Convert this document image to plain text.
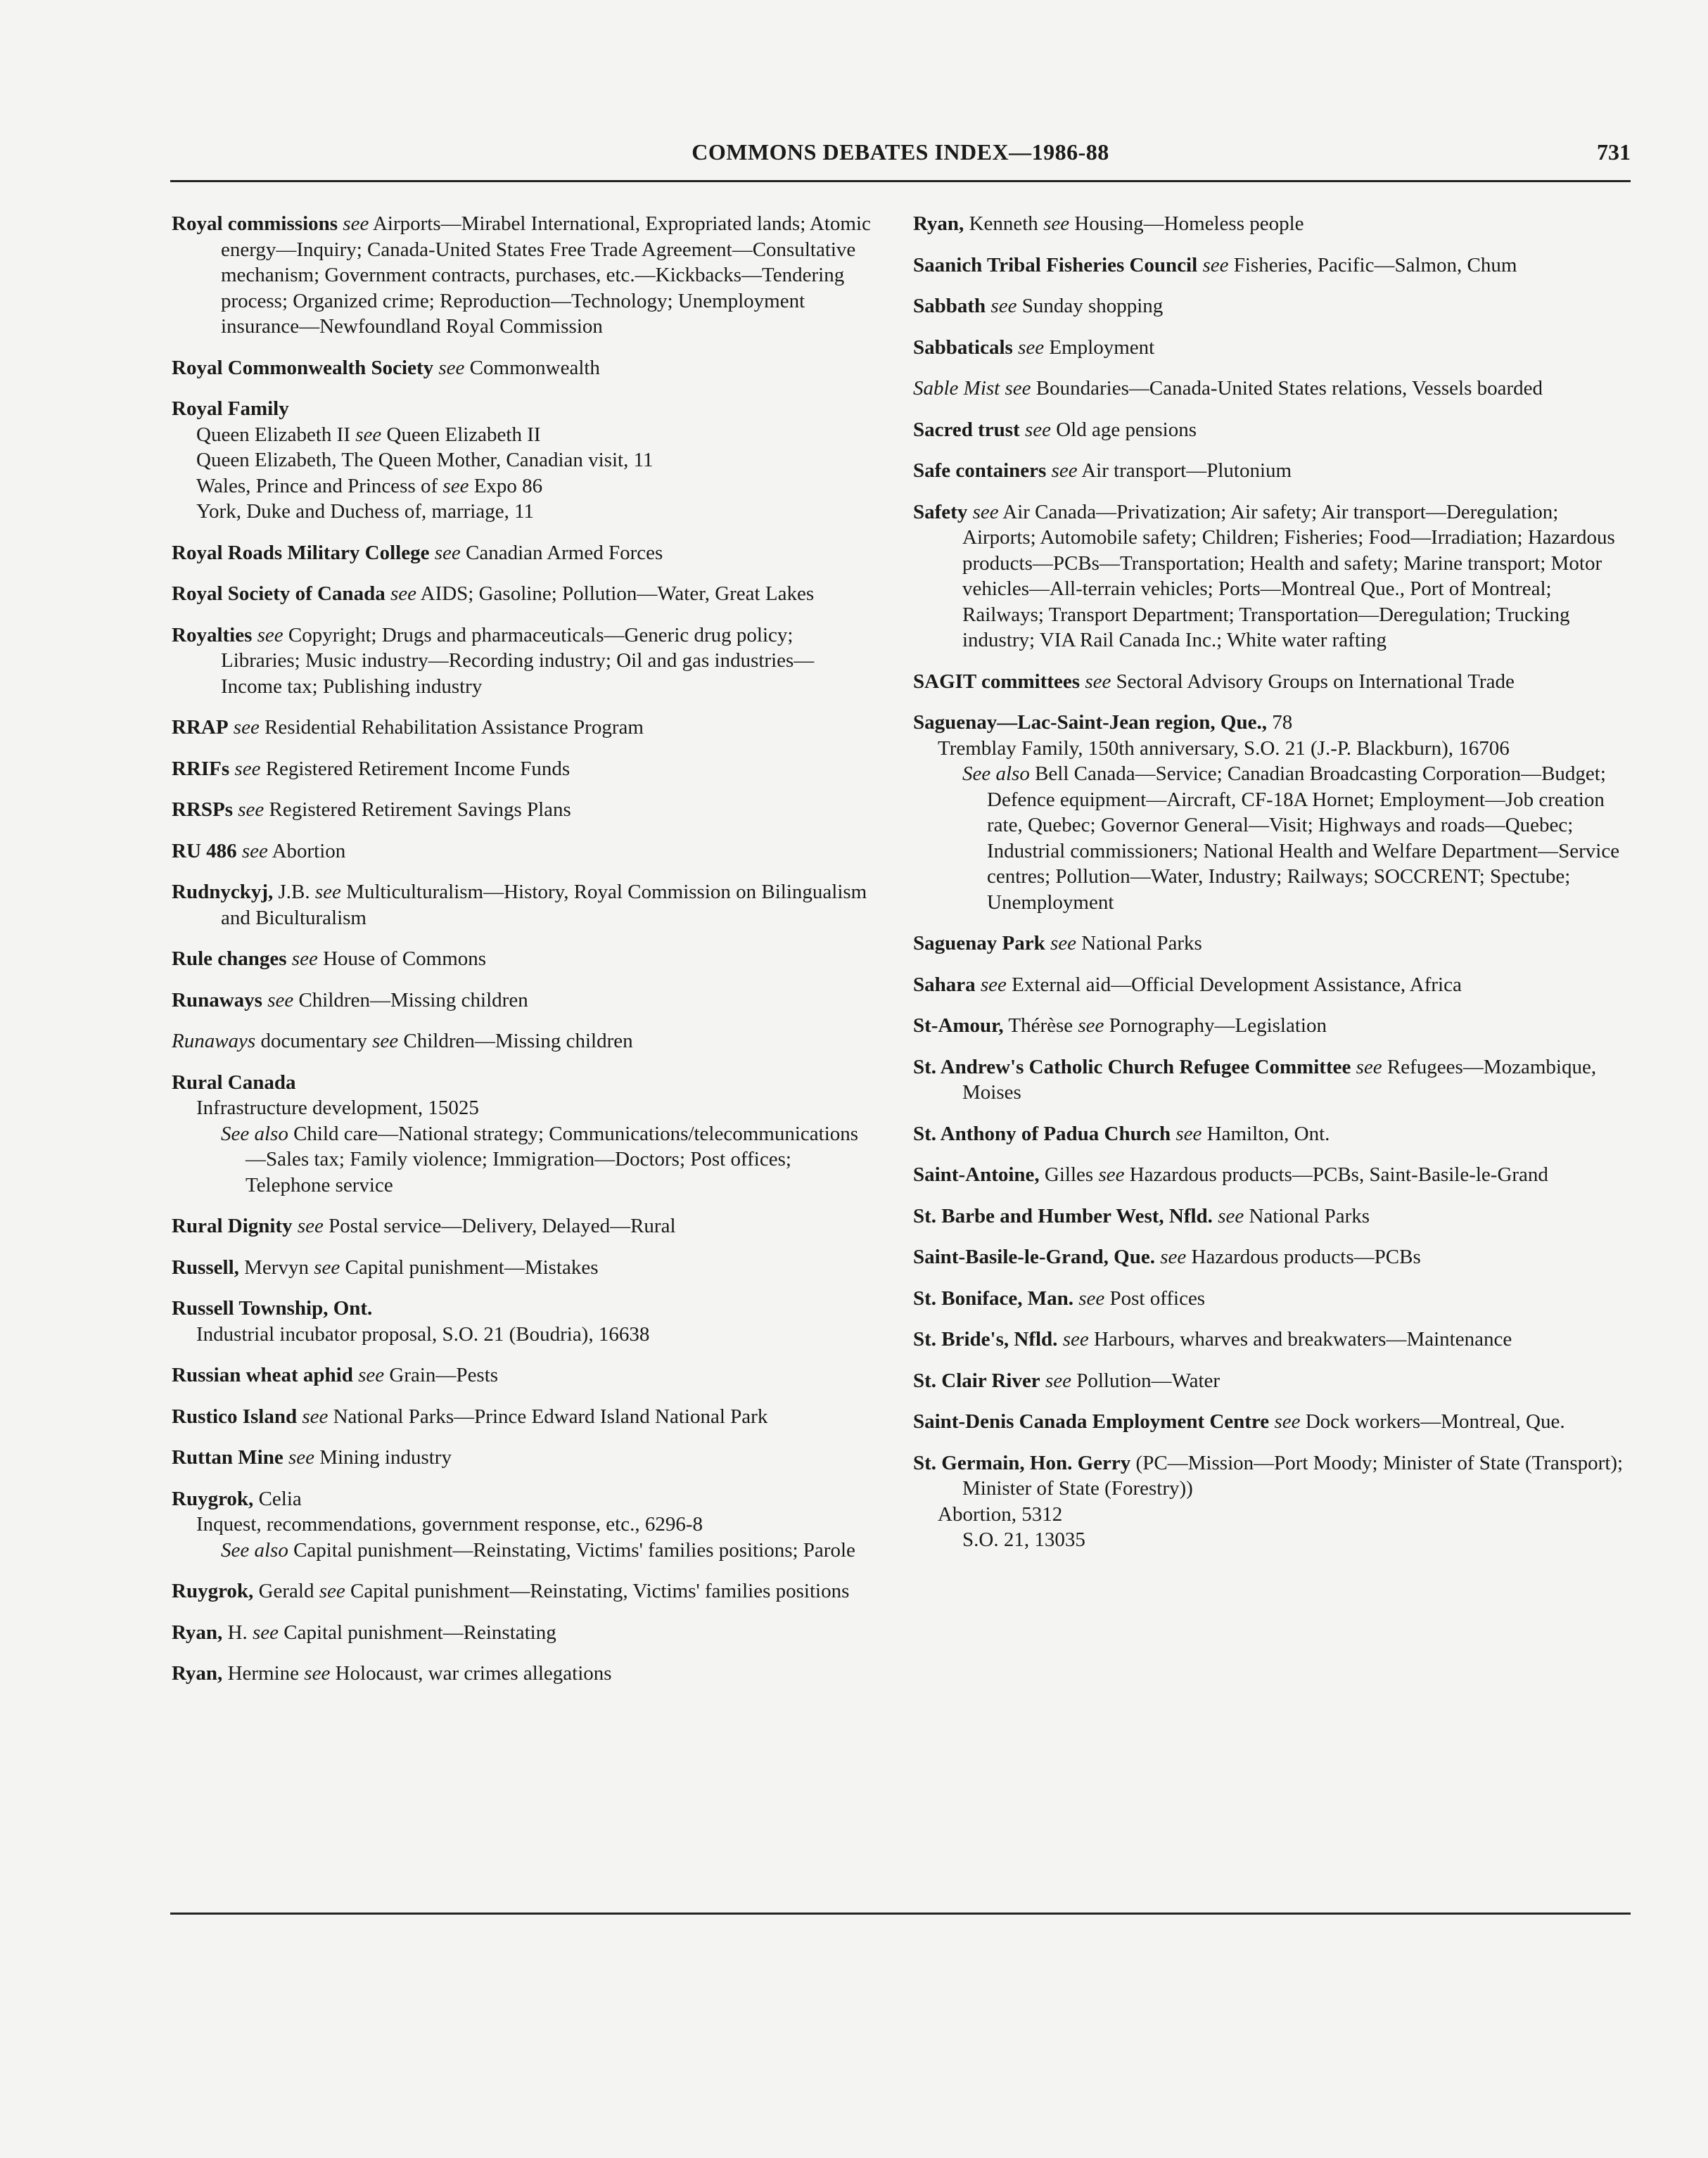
COMMONS DEBATES INDEX—1986-88	731
Royal commissions see Airports—Mirabel International, Expropriated lands; Atomic energy—Inquiry; Canada-United States Free Trade Agreement—Consultative mechanism; Government contracts, purchases, etc.—Kickbacks—Tendering process; Organized crime; Reproduction—Technology; Unemployment insurance—Newfoundland Royal Commission
Royal Commonwealth Society see Commonwealth
Royal Family
Queen Elizabeth II see Queen Elizabeth II
Queen Elizabeth, The Queen Mother, Canadian visit, 11
Wales, Prince and Princess of see Expo 86
York, Duke and Duchess of, marriage, 11
Royal Roads Military College see Canadian Armed Forces
Royal Society of Canada see AIDS; Gasoline; Pollution—Water, Great Lakes
Royalties see Copyright; Drugs and pharmaceuticals—Generic drug policy; Libraries; Music industry—Recording industry; Oil and gas industries—Income tax; Publishing industry
RRAP see Residential Rehabilitation Assistance Program
RRIFs see Registered Retirement Income Funds
RRSPs see Registered Retirement Savings Plans
RU 486 see Abortion
Rudnyckyj, J.B. see Multiculturalism—History, Royal Commission on Bilingualism and Biculturalism
Rule changes see House of Commons
Runaways see Children—Missing children
Runaways documentary see Children—Missing children
Rural Canada
Infrastructure development, 15025
See also Child care—National strategy; Communications/telecommunications—Sales tax; Family violence; Immigration—Doctors; Post offices; Telephone service
Rural Dignity see Postal service—Delivery, Delayed—Rural
Russell, Mervyn see Capital punishment—Mistakes
Russell Township, Ont.
Industrial incubator proposal, S.O. 21 (Boudria), 16638
Russian wheat aphid see Grain—Pests
Rustico Island see National Parks—Prince Edward Island National Park
Ruttan Mine see Mining industry
Ruygrok, Celia
Inquest, recommendations, government response, etc., 6296-8
See also Capital punishment—Reinstating, Victims' families positions; Parole
Ruygrok, Gerald see Capital punishment—Reinstating, Victims' families positions
Ryan, H. see Capital punishment—Reinstating
Ryan, Hermine see Holocaust, war crimes allegations
Ryan, Kenneth see Housing—Homeless people
Saanich Tribal Fisheries Council see Fisheries, Pacific—Salmon, Chum
Sabbath see Sunday shopping
Sabbaticals see Employment
Sable Mist see Boundaries—Canada-United States relations, Vessels boarded
Sacred trust see Old age pensions
Safe containers see Air transport—Plutonium
Safety see Air Canada—Privatization; Air safety; Air transport—Deregulation; Airports; Automobile safety; Children; Fisheries; Food—Irradiation; Hazardous products—PCBs—Transportation; Health and safety; Marine transport; Motor vehicles—All-terrain vehicles; Ports—Montreal Que., Port of Montreal; Railways; Transport Department; Transportation—Deregulation; Trucking industry; VIA Rail Canada Inc.; White water rafting
SAGIT committees see Sectoral Advisory Groups on International Trade
Saguenay—Lac-Saint-Jean region, Que., 78
Tremblay Family, 150th anniversary, S.O. 21 (J.-P. Blackburn), 16706
See also Bell Canada—Service; Canadian Broadcasting Corporation—Budget; Defence equipment—Aircraft, CF-18A Hornet; Employment—Job creation rate, Quebec; Governor General—Visit; Highways and roads—Quebec; Industrial commissioners; National Health and Welfare Department—Service centres; Pollution—Water, Industry; Railways; SOCCRENT; Spectube; Unemployment
Saguenay Park see National Parks
Sahara see External aid—Official Development Assistance, Africa
St-Amour, Thérèse see Pornography—Legislation
St. Andrew's Catholic Church Refugee Committee see Refugees—Mozambique, Moises
St. Anthony of Padua Church see Hamilton, Ont.
Saint-Antoine, Gilles see Hazardous products—PCBs, Saint-Basile-le-Grand
St. Barbe and Humber West, Nfld. see National Parks
Saint-Basile-le-Grand, Que. see Hazardous products—PCBs
St. Boniface, Man. see Post offices
St. Bride's, Nfld. see Harbours, wharves and breakwaters—Maintenance
St. Clair River see Pollution—Water
Saint-Denis Canada Employment Centre see Dock workers—Montreal, Que.
St. Germain, Hon. Gerry (PC—Mission—Port Moody; Minister of State (Transport); Minister of State (Forestry))
Abortion, 5312
S.O. 21, 13035
